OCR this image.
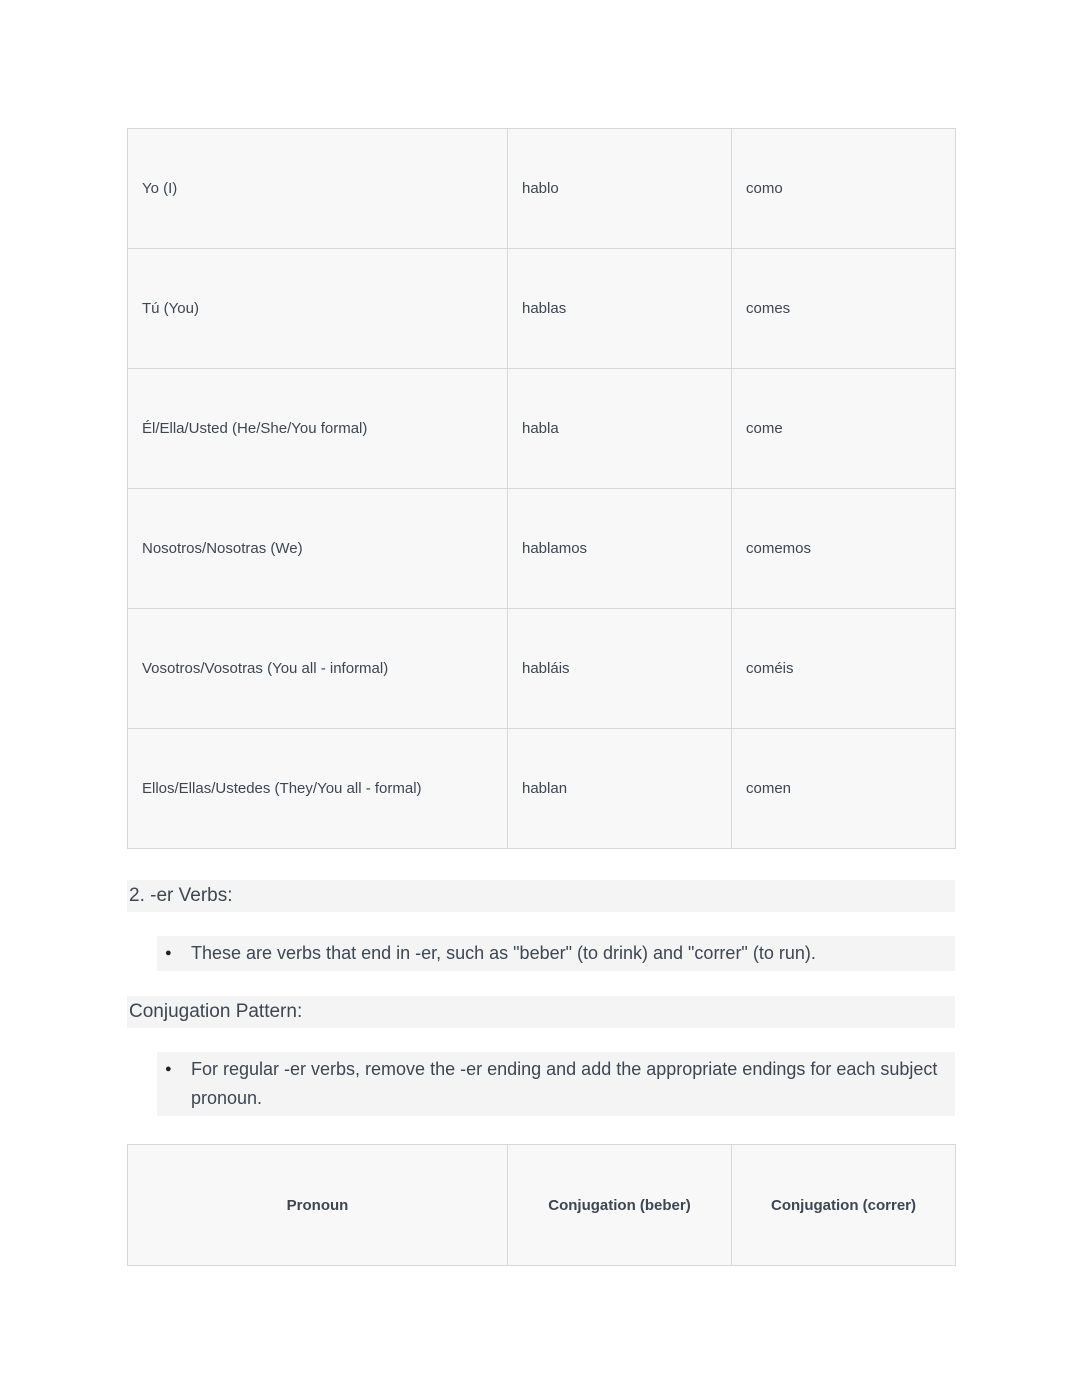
Yo (I)	hablo	como
Tú (You)	hablas	comes
Él/Ella/Usted (He/She/You formal)	habla	come
Nosotros/Nosotras (We)	hablamos	comemos
Vosotros/Vosotras (You all - informal)	habláis	coméis
Ellos/Ellas/Ustedes (They/You all - formal)	hablan	comen
2. -er Verbs:
●	These are verbs that end in -er, such as "beber" (to drink) and "correr" (to run).
Conjugation Pattern:
●	For regular -er verbs, remove the -er ending and add the appropriate endings for each subject pronoun.
Pronoun	Conjugation (beber)	Conjugation (correr)
